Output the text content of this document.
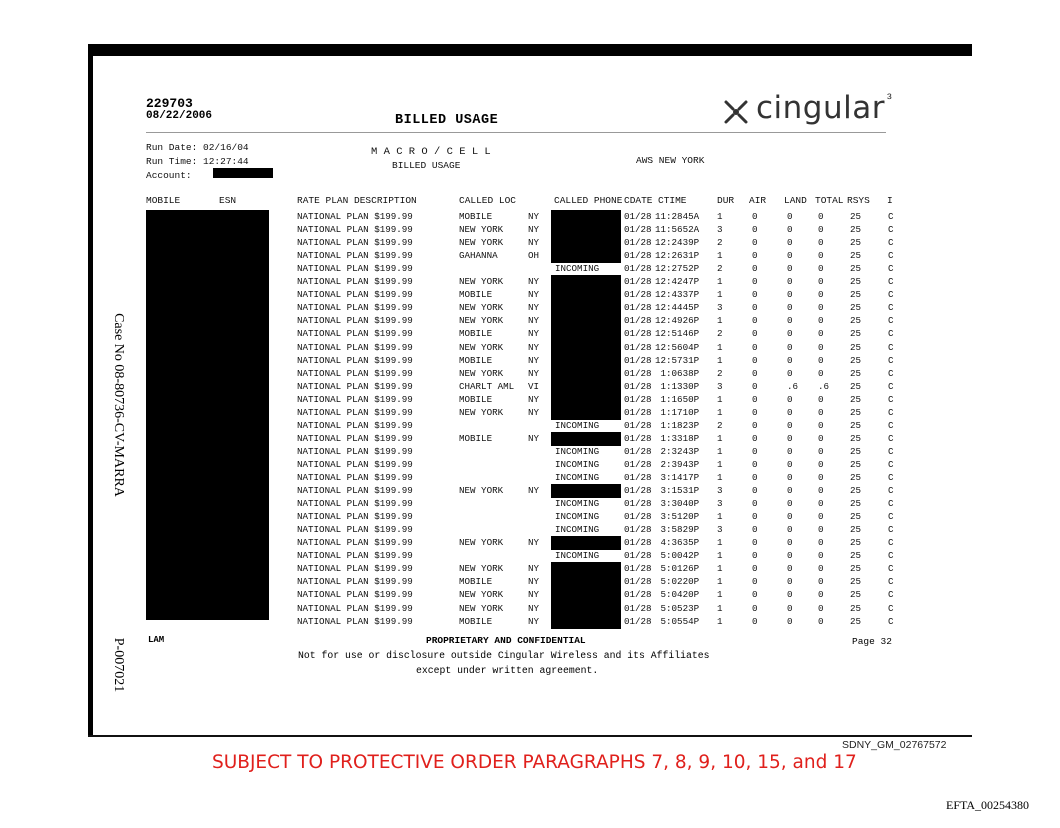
229703
08/22/2006	BILLED USAGE	cingular ³
Run Date: 02/16/04
Run Time: 12:27:44
Account:
M A C R O / C E L L
BILLED USAGE	AWS NEW YORK
MOBILE	ESN	RATE PLAN DESCRIPTION	CALLED LOC	CALLED PHONE CDATE CTIME	DUR AIR LAND TOTAL RSYS I
NATIONAL PLAN $199.99	MOBILE	NY	01/28 11:2845A 1	0	0	0	25	C
NATIONAL PLAN $199.99	NEW YORK	NY	01/28 11:5652A 3	0	0	0	25	C
NATIONAL PLAN $199.99	NEW YORK	NY	01/28 12:2439P 2	0	0	0	25	C
NATIONAL PLAN $199.99	GAHANNA	OH	01/28 12:2631P 1	0	0	0	25	C
NATIONAL PLAN $199.99	INCOMING	01/28 12:2752P 2	0	0	0	25	C
NATIONAL PLAN $199.99	NEW YORK	NY	01/28 12:4247P 1	0	0	0	25	C
NATIONAL PLAN $199.99	MOBILE	NY	01/28 12:4337P 1	0	0	0	25	C
NATIONAL PLAN $199.99	NEW YORK	NY	01/28 12:4445P 3	0	0	0	25	C
NATIONAL PLAN $199.99	NEW YORK	NY	01/28 12:4926P 1	0	0	0	25	C
NATIONAL PLAN $199.99	MOBILE	NY	01/28 12:5146P 2	0	0	0	25	C
NATIONAL PLAN $199.99	NEW YORK	NY	01/28 12:5604P 1	0	0	0	25	C
NATIONAL PLAN $199.99	MOBILE	NY	01/28 12:5731P 1	0	0	0	25	C
NATIONAL PLAN $199.99	NEW YORK	NY	01/28 1:0638P 2	0	0	0	25	C
NATIONAL PLAN $199.99	CHARLT AML VI	01/28 1:1330P 3	0	.6 .6 25	C
NATIONAL PLAN $199.99	MOBILE	NY	01/28 1:1650P 1	0	0	0	25	C
NATIONAL PLAN $199.99	NEW YORK	NY	01/28 1:1710P 1	0	0	0	25	C
NATIONAL PLAN $199.99	INCOMING	01/28 1:1823P 2	0	0	0	25	C
NATIONAL PLAN $199.99	MOBILE	NY	01/28 1:3318P 1	0	0	0	25	C
NATIONAL PLAN $199.99	INCOMING	01/28 2:3243P 1	0	0	0	25	C
NATIONAL PLAN $199.99	INCOMING	01/28 2:3943P 1	0	0	0	25	C
NATIONAL PLAN $199.99	INCOMING	01/28 3:1417P 1	0	0	0	25	C
NATIONAL PLAN $199.99	NEW YORK	NY	01/28 3:1531P 3	0	0	0	25	C
NATIONAL PLAN $199.99	INCOMING	01/28 3:3040P 3	0	0	0	25	C
NATIONAL PLAN $199.99	INCOMING	01/28 3:5120P 1	0	0	0	25	C
NATIONAL PLAN $199.99	INCOMING	01/28 3:5829P 3	0	0	0	25	C
NATIONAL PLAN $199.99	NEW YORK	NY	01/28 4:3635P 1	0	0	0	25	C
NATIONAL PLAN $199.99	INCOMING	01/28 5:0042P 1	0	0	0	25	C
NATIONAL PLAN $199.99	NEW YORK	NY	01/28 5:0126P 1	0	0	0	25	C
NATIONAL PLAN $199.99	MOBILE	NY	01/28 5:0220P 1	0	0	0	25	C
NATIONAL PLAN $199.99	NEW YORK	NY	01/28 5:0420P 1	0	0	0	25	C
NATIONAL PLAN $199.99	NEW YORK	NY	01/28 5:0523P 1	0	0	0	25	C
NATIONAL PLAN $199.99	MOBILE	NY	01/28 5:0554P 1	0	0	0	25	C
LAM	PROPRIETARY AND CONFIDENTIAL
Not for use or disclosure outside Cingular Wireless and its Affiliates
except under written agreement.
Page 32
Case No 08-80736-CV-MARRA
P-007021
SDNY_GM_02767572
SUBJECT TO PROTECTIVE ORDER PARAGRAPHS 7, 8, 9, 10, 15, and 17
EFTA_00254380
